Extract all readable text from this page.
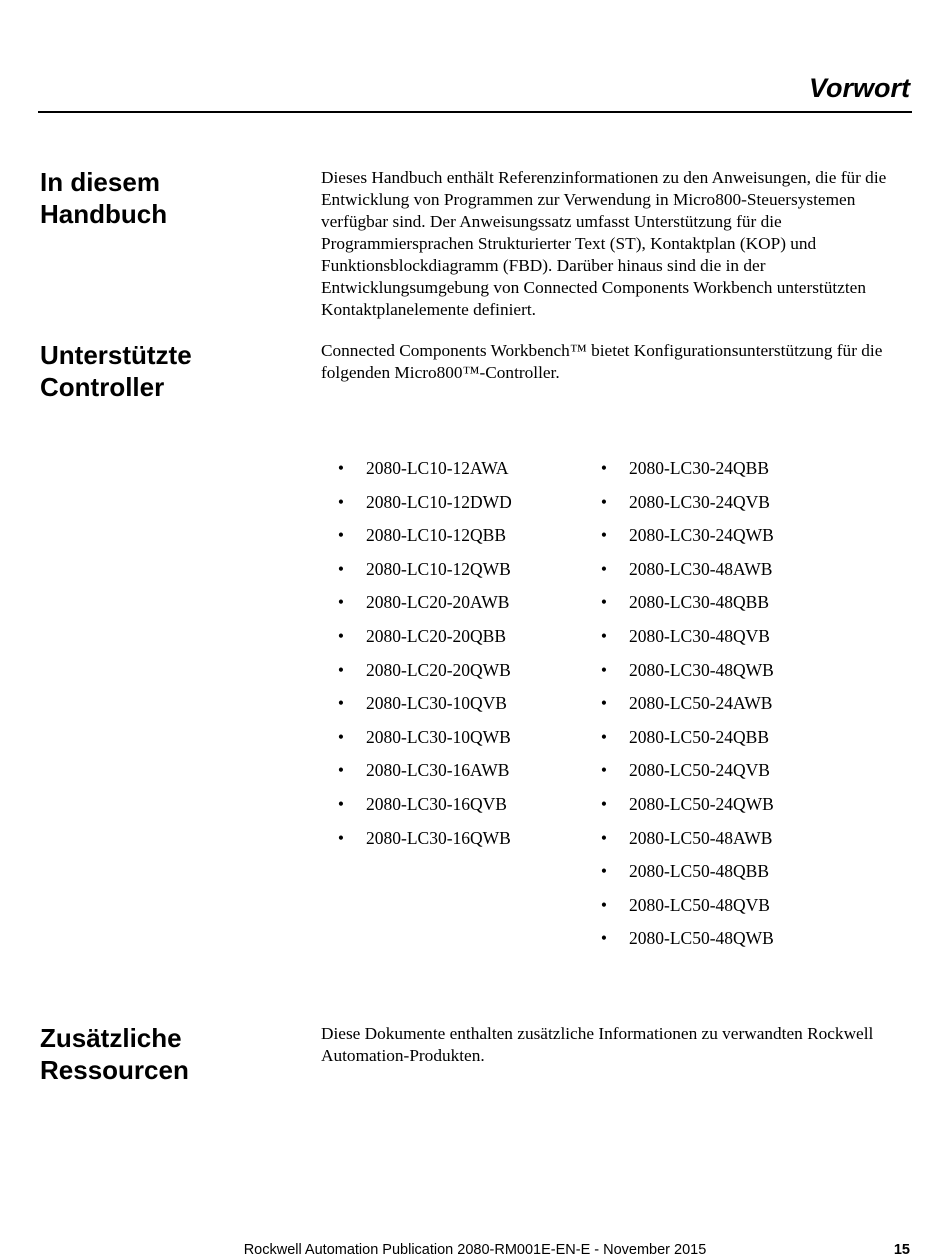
Vorwort
In diesem
Handbuch

Dieses Handbuch enthält Referenzinformationen zu den Anweisungen, die für die Entwicklung von Programmen zur Verwendung in Micro800-Steuersystemen verfügbar sind. Der Anweisungssatz umfasst Unterstützung für die Programmiersprachen Strukturierter Text (ST), Kontaktplan (KOP) und Funktionsblockdiagramm (FBD). Darüber hinaus sind die in der Entwicklungsumgebung von Connected Components Workbench unterstützten Kontaktplanelemente definiert.

Unterstützte
Controller

Connected Components Workbench™ bietet Konfigurationsunterstützung für die folgenden Micro800™-Controller.

• 2080-LC10-12AWA
• 2080-LC10-12DWD
• 2080-LC10-12QBB
• 2080-LC10-12QWB
• 2080-LC20-20AWB
• 2080-LC20-20QBB
• 2080-LC20-20QWB
• 2080-LC30-10QVB
• 2080-LC30-10QWB
• 2080-LC30-16AWB
• 2080-LC30-16QVB
• 2080-LC30-16QWB
• 2080-LC30-24QBB
• 2080-LC30-24QVB
• 2080-LC30-24QWB
• 2080-LC30-48AWB
• 2080-LC30-48QBB
• 2080-LC30-48QVB
• 2080-LC30-48QWB
• 2080-LC50-24AWB
• 2080-LC50-24QBB
• 2080-LC50-24QVB
• 2080-LC50-24QWB
• 2080-LC50-48AWB
• 2080-LC50-48QBB
• 2080-LC50-48QVB
• 2080-LC50-48QWB
Zusätzliche
Ressourcen

Diese Dokumente enthalten zusätzliche Informationen zu verwandten Rockwell Automation-Produkten.

Rockwell Automation Publication 2080-RM001E-EN-E - November 2015	15
